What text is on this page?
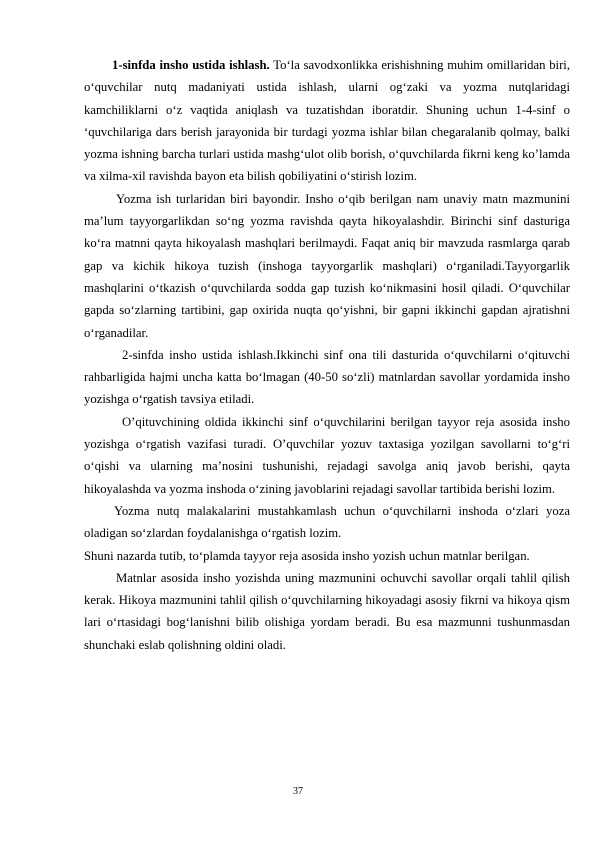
1-sinfda insho ustida ishlash. To‘la savodxonlikka erishishning muhim omillaridan biri, o‘quvchilar nutq madaniyati ustida ishlash, ularni og‘zaki va yozma nutqlaridagi kamchiliklarni o‘z vaqtida aniqlash va tuzatishdan iboratdir. Shuning uchun 1-4-sinf o ‘quvchilariga dars berish jarayonida bir turdagi yozma ishlar bilan chegaralanib qolmay, balki yozma ishning barcha turlari ustida mashg‘ulot olib borish, o‘quvchilarda fikrni keng ko’lamda va xilma-xil ravishda bayon eta bilish qobiliyatini o‘stirish lozim.

Yozma ish turlaridan biri bayondir. Insho o‘qib berilgan nam unaviy matn mazmunini ma’lum tayyorgarlikdan so‘ng yozma ravishda qayta hikoyalashdir. Birinchi sinf dasturiga ko‘ra matnni qayta hikoyalash mashqlari berilmaydi. Faqat aniq bir mavzuda rasmlarga qarab gap va kichik hikoya tuzish (inshoga tayyorgarlik mashqlari) o‘rganiladi.Tayyorgarlik mashqlarini o‘tkazish o‘quvchilarda sodda gap tuzish ko‘nikmasini hosil qiladi. O‘quvchilar gapda so‘zlarning tartibini, gap oxirida nuqta qo‘yishni, bir gapni ikkinchi gapdan ajratishni o‘rganadilar.

2-sinfda insho ustida ishlash.Ikkinchi sinf ona tili dasturida o‘quvchilarni o‘qituvchi rahbarligida hajmi uncha katta bo‘lmagan (40-50 so‘zli) matnlardan savollar yordamida insho yozishga o‘rgatish tavsiya etiladi.

O’qituvchining oldida ikkinchi sinf o‘quvchilarini berilgan tayyor reja asosida insho yozishga o‘rgatish vazifasi turadi. O’quvchilar yozuv taxtasiga yozilgan savollarni to‘g‘ri o‘qishi va ularning ma’nosini tushunishi, rejadagi savolga aniq javob berishi, qayta hikoyalashda va yozma inshoda o‘zining javoblarini rejadagi savollar tartibida berishi lozim.

Yozma nutq malakalarini mustahkamlash uchun o‘quvchilarni inshoda o‘zlari yoza oladigan so‘zlardan foydalanishga o‘rgatish lozim.

Shuni nazarda tutib, to‘plamda tayyor reja asosida insho yozish uchun matnlar berilgan.

Matnlar asosida insho yozishda uning mazmunini ochuvchi savollar orqali tahlil qilish kerak. Hikoya mazmunini tahlil qilish o‘quvchilarning hikoyadagi asosiy fikrni va hikoya qism lari o‘rtasidagi bog‘lanishni bilib olishiga yordam beradi. Bu esa mazmunni tushunmasdan shunchaki eslab qolishning oldini oladi.

37
